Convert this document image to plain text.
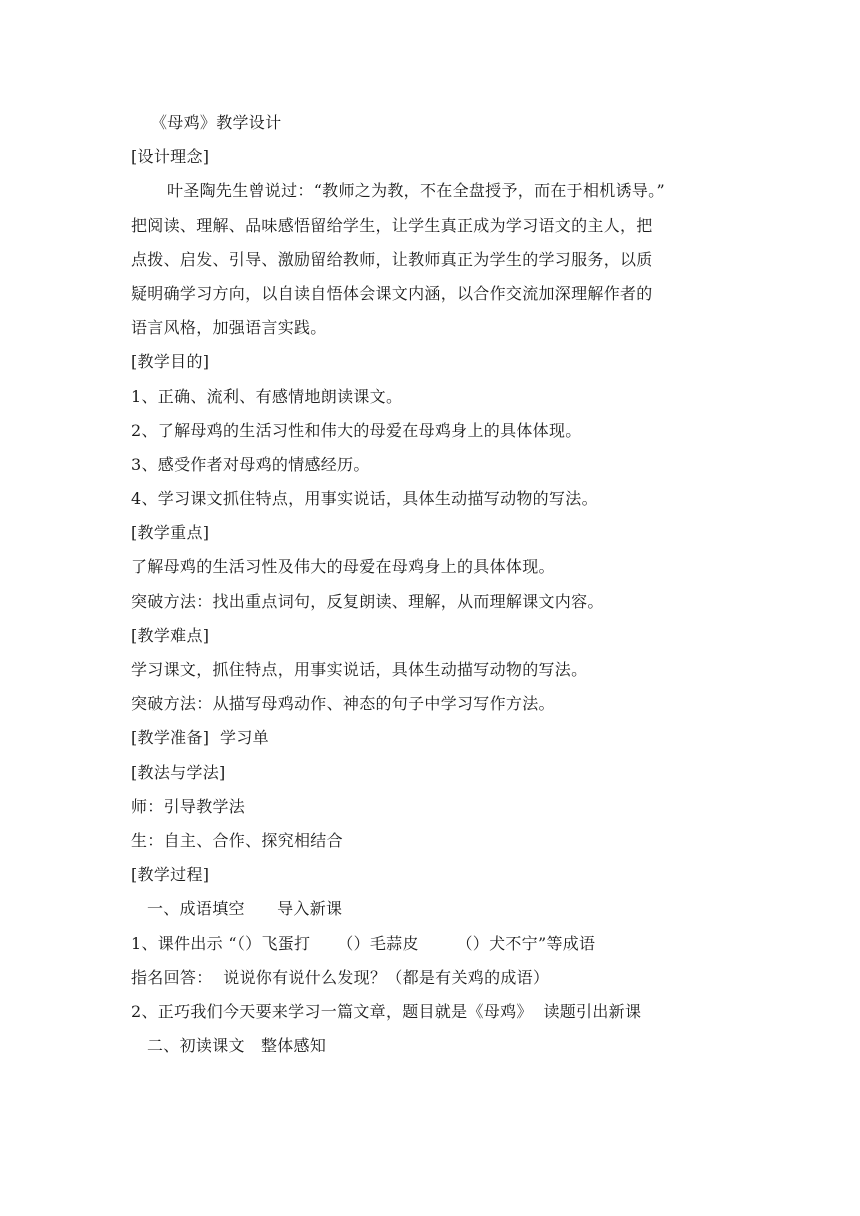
《母鸡》教学设计
[设计理念]
叶圣陶先生曾说过：“教师之为教，不在全盘授予，而在于相机诱导。”
把阅读、理解、品味感悟留给学生，让学生真正成为学习语文的主人，把
点拨、启发、引导、激励留给教师，让教师真正为学生的学习服务，以质
疑明确学习方向，以自读自悟体会课文内涵，以合作交流加深理解作者的
语言风格，加强语言实践。
[教学目的]
1、正确、流利、有感情地朗读课文。
2、了解母鸡的生活习性和伟大的母爱在母鸡身上的具体体现。
3、感受作者对母鸡的情感经历。
4、学习课文抓住特点，用事实说话，具体生动描写动物的写法。
[教学重点]
了解母鸡的生活习性及伟大的母爱在母鸡身上的具体体现。
突破方法：找出重点词句，反复朗读、理解，从而理解课文内容。
[教学难点]
学习课文，抓住特点，用事实说话，具体生动描写动物的写法。
突破方法：从描写母鸡动作、神态的句子中学习写作方法。
[教学准备]  学习单
[教法与学法]
师：引导教学法
生：自主、合作、探究相结合
[教学过程]
一、成语填空      导入新课
1、课件出示 “（）飞蛋打     （）毛蒜皮       （）犬不宁”等成语
指名回答：  说说你有说什么发现？（都是有关鸡的成语）
2、正巧我们今天要来学习一篇文章，题目就是《母鸡》  读题引出新课
二、初读课文   整体感知
